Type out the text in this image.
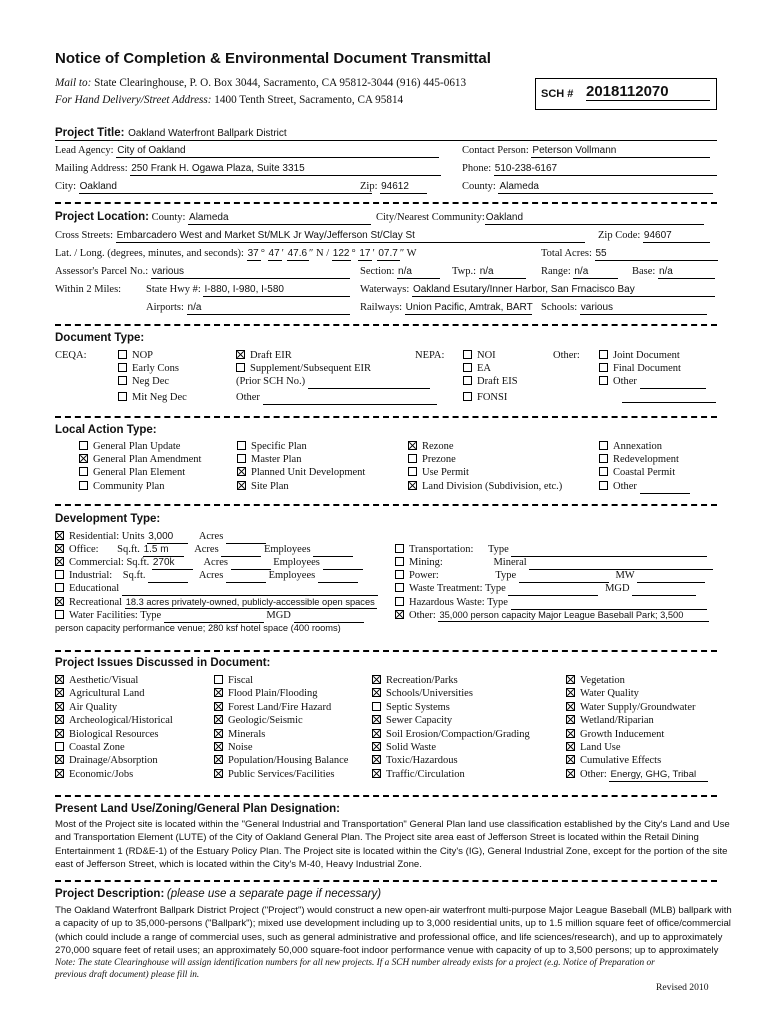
Notice of Completion & Environmental Document Transmittal
Mail to: State Clearinghouse, P. O. Box 3044, Sacramento, CA 95812-3044 (916) 445-0613
For Hand Delivery/Street Address: 1400 Tenth Street, Sacramento, CA 95814	SCH # 2018112070
Project Title: Oakland Waterfront Ballpark District
Lead Agency: City of Oakland	Contact Person: Peterson Vollmann
Mailing Address: 250 Frank H. Ogawa Plaza, Suite 3315	Phone: 510-238-6167
City: Oakland	Zip: 94612	County: Alameda
Project Location: County: Alameda	City/Nearest Community:Oakland
Cross Streets: Embarcadero West and Market St/MLK Jr Way/Jefferson St/Clay St	Zip Code: 94607
Lat. / Long. (degrees, minutes, and seconds): 37 ° 47 ′ 47.6 ″ N / 122 ° 17 ′ 07.7 ″ W	Total Acres: 55
Assessor's Parcel No.: various	Section: n/a	Twp.: n/a	Range: n/a	Base: n/a
Within 2 Miles: State Hwy #: I-880, I-980, I-580	Waterways: Oakland Esutary/Inner Harbor, San Frnacisco Bay
Airports: n/a	Railways: Union Pacific, Amtrak, BART Schools: various
Document Type:
CEQA:	NOP
Early Cons
Neg Dec
Mit Neg Dec
Draft EIR
Supplement/Subsequent EIR
(Prior SCH No.)
Other
NEPA:	NOI
EA
Draft EIS
FONSI
Other:	Joint Document
Final Document
Other
Local Action Type:
General Plan Update
General Plan Amendment
General Plan Element
Community Plan
Specific Plan
Master Plan
Planned Unit Development
Site Plan
Rezone
Prezone
Use Permit
Land Division (Subdivision, etc.)
Annexation
Redevelopment
Coastal Permit
Other
Development Type:
Residential: Units 3,000 Acres
Office: Sq.ft. 1.5 m Acres	Employees
Commercial: Sq.ft. 270k	Acres	Employees
Industrial: Sq.ft.	Acres	Employees
Educational
Recreational 18.3 acres privately-owned, publicly-accessible open spaces
Water Facilities: Type	MGD
person capacity performance venue; 280 ksf hotel space (400 rooms)
Transportation: Type
Mining:	Mineral
Power:	Type	MW
Waste Treatment: Type	MGD
Hazardous Waste: Type
Other: 35,000 person capacity Major League Baseball Park; 3,500
Project Issues Discussed in Document:
Aesthetic/Visual
Agricultural Land
Air Quality
Archeological/Historical
Biological Resources
Coastal Zone
Drainage/Absorption
Economic/Jobs
Fiscal
Flood Plain/Flooding
Forest Land/Fire Hazard
Geologic/Seismic
Minerals
Noise
Population/Housing Balance
Public Services/Facilities
Recreation/Parks
Schools/Universities
Septic Systems
Sewer Capacity
Soil Erosion/Compaction/Grading
Solid Waste
Toxic/Hazardous
Traffic/Circulation
Vegetation
Water Quality
Water Supply/Groundwater
Wetland/Riparian
Growth Inducement
Land Use
Cumulative Effects
Other: Energy, GHG, Tribal
Present Land Use/Zoning/General Plan Designation:
Most of the Project site is located within the "General Industrial and Transportation" General Plan land use classification established by the City's Land and Use
and Transportation Element (LUTE) of the City of Oakland General Plan. The Project site area east of Jefferson Street is located within the Retail Dining
Entertainment 1 (RD&E-1) of the Estuary Policy Plan. The Project site is located within the City's (IG), General Industrial Zone, except for the portion of the site
east of Jefferson Street, which is located within the City's M-40, Heavy Industrial Zone.
Project Description: (please use a separate page if necessary)
The Oakland Waterfront Ballpark District Project ("Project") would construct a new open-air waterfront multi-purpose Major League Baseball (MLB) ballpark with
a capacity of up to 35,000-persons ("Ballpark"); mixed use development including up to 3,000 residential units, up to 1.5 million square feet of office/commercial
(which could include a range of commercial uses, such as general administrative and professional office, and life sciences/research), and up to approximately
270,000 square feet of retail uses; an approximately 50,000 square-foot indoor performance venue with capacity of up to 3,500 persons; up to approximately
Note: The state Clearinghouse will assign identification numbers for all new projects. If a SCH number already exists for a project (e.g. Notice of Preparation or
previous draft document) please fill in.
Revised 2010
